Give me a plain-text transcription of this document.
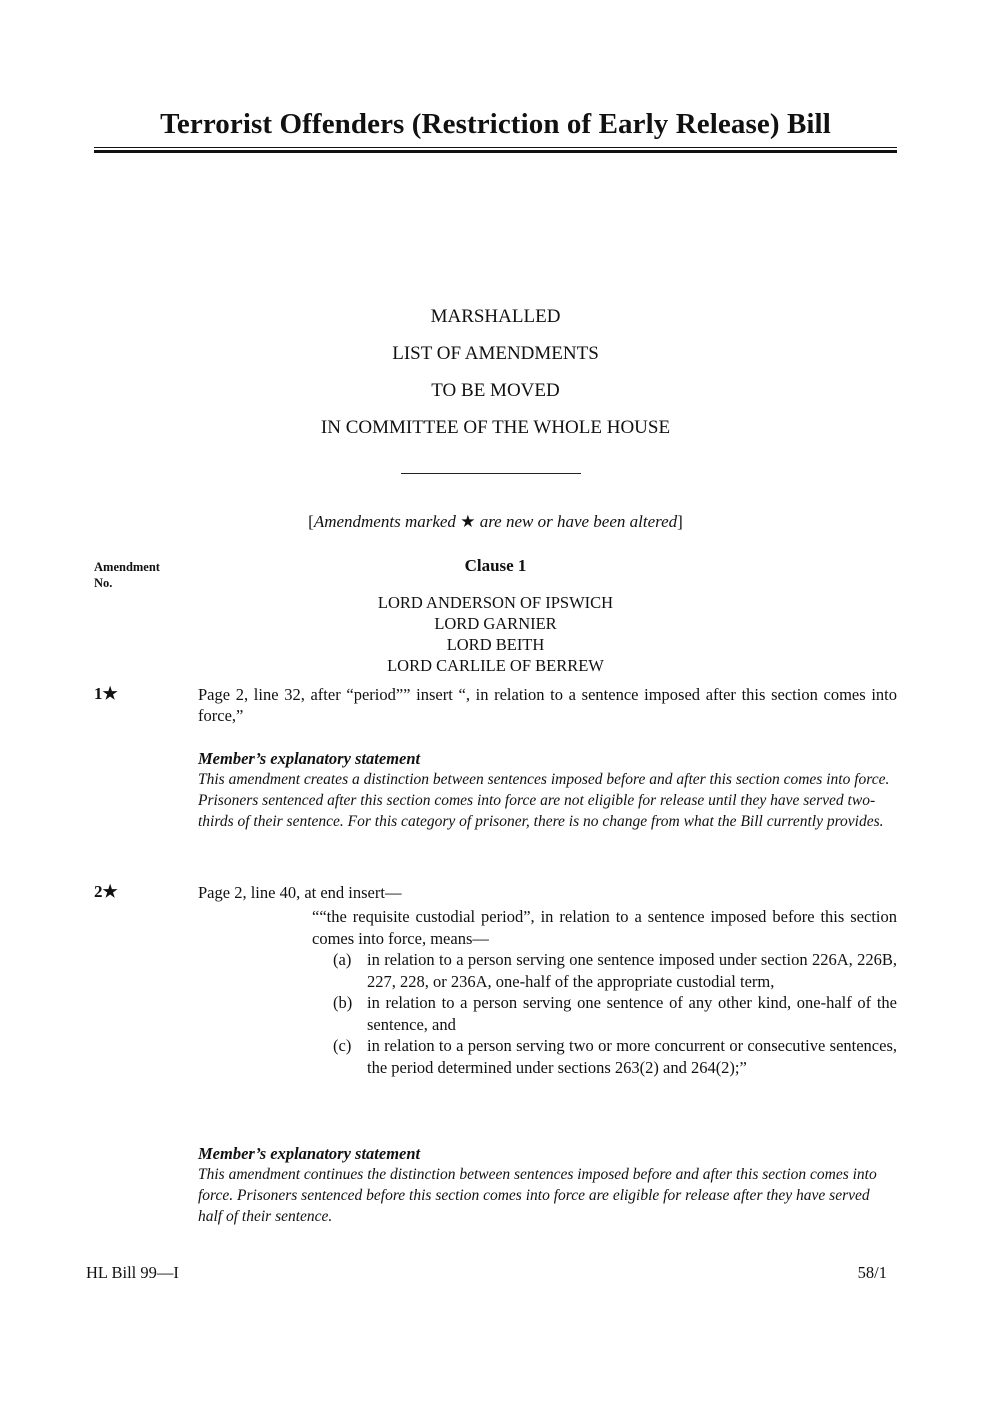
Terrorist Offenders (Restriction of Early Release) Bill
MARSHALLED
LIST OF AMENDMENTS
TO BE MOVED
IN COMMITTEE OF THE WHOLE HOUSE
[Amendments marked ★ are new or have been altered]
Amendment
No.
Clause 1
LORD ANDERSON OF IPSWICH
LORD GARNIER
LORD BEITH
LORD CARLILE OF BERREW
1★	Page 2, line 32, after “period”” insert “, in relation to a sentence imposed after this section comes into force,”
Member’s explanatory statement
This amendment creates a distinction between sentences imposed before and after this section comes into force. Prisoners sentenced after this section comes into force are not eligible for release until they have served two-thirds of their sentence. For this category of prisoner, there is no change from what the Bill currently provides.
2★	Page 2, line 40, at end insert—
““the requisite custodial period”, in relation to a sentence imposed before this section comes into force, means—
(a) in relation to a person serving one sentence imposed under section 226A, 226B, 227, 228, or 236A, one-half of the appropriate custodial term,
(b) in relation to a person serving one sentence of any other kind, one-half of the sentence, and
(c) in relation to a person serving two or more concurrent or consecutive sentences, the period determined under sections 263(2) and 264(2);”
Member’s explanatory statement
This amendment continues the distinction between sentences imposed before and after this section comes into force. Prisoners sentenced before this section comes into force are eligible for release after they have served half of their sentence.
HL Bill 99—I	58/1
